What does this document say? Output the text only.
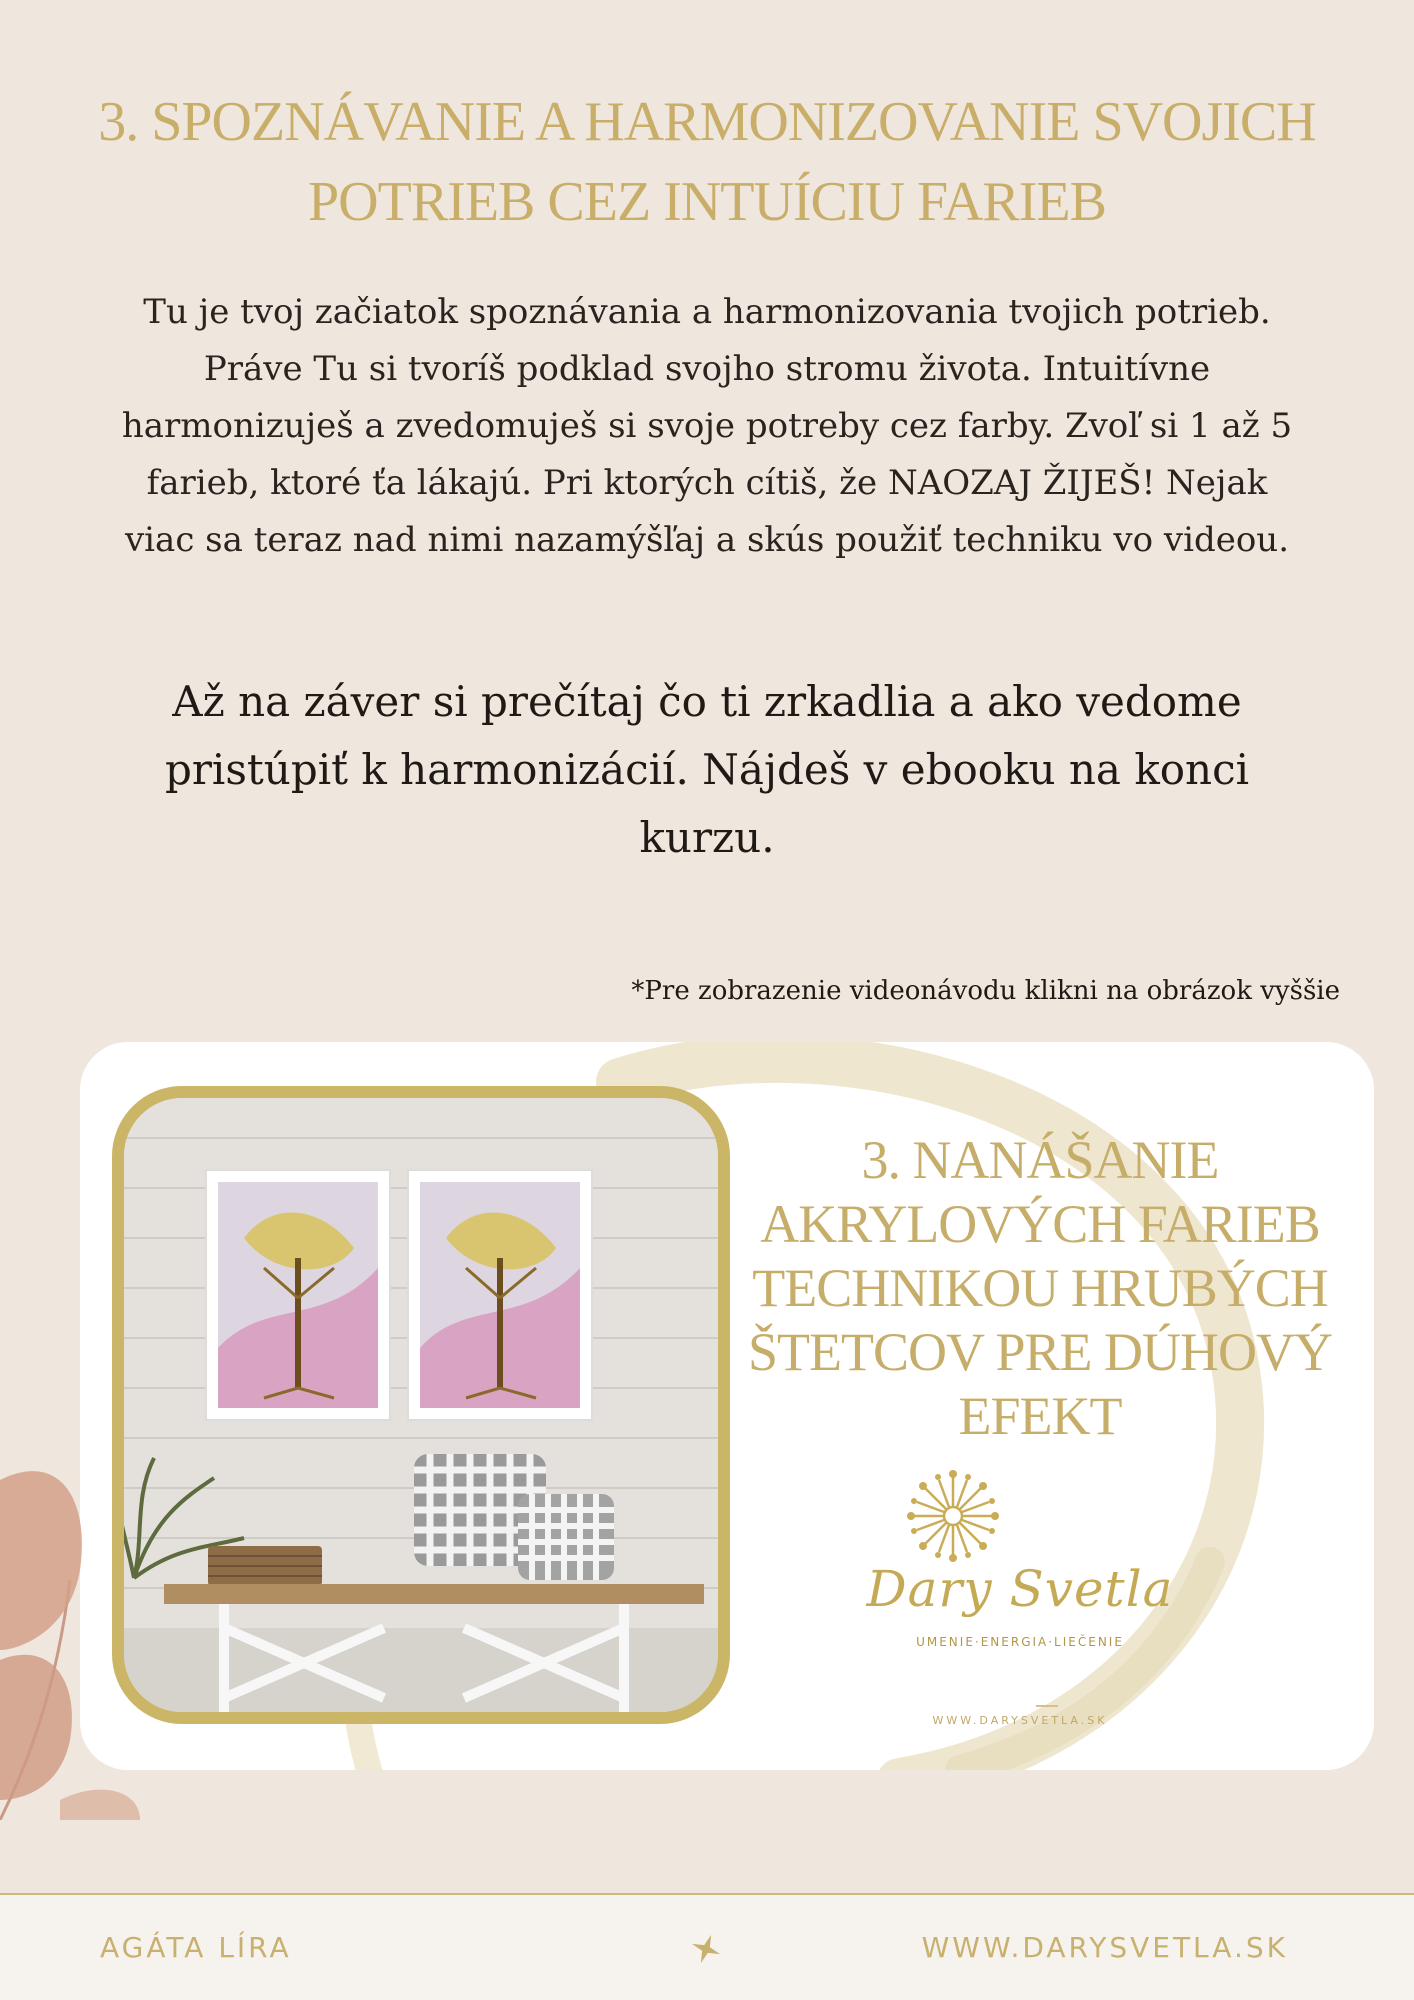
3. SPOZNÁVANIE A HARMONIZOVANIE SVOJICH POTRIEB CEZ INTUÍCIU FARIEB

Tu je tvoj začiatok spoznávania a harmonizovania tvojich potrieb. Práve Tu si tvoríš podklad svojho stromu života. Intuitívne harmonizuješ a zvedomuješ si svoje potreby cez farby. Zvoľ si 1 až 5 farieb, ktoré ťa lákajú. Pri ktorých cítiš, že NAOZAJ ŽIJEŠ! Nejak viac sa teraz nad nimi nazamýšľaj a skús použiť techniku vo videou.

Až na záver si prečítaj čo ti zrkadlia a ako vedome pristúpiť k harmonizácií. Nájdeš v ebooku na konci kurzu.

*Pre zobrazenie videonávodu klikni na obrázok vyššie
3. NANÁŠANIE AKRYLOVÝCH FARIEB TECHNIKOU HRUBÝCH ŠTETCOV PRE DÚHOVÝ EFEKT
Dary Svetla
UMENIE·ENERGIA·LIEČENIE
WWW.DARYSVETLA.SK
AGÁTA LÍRA	WWW.DARYSVETLA.SK
